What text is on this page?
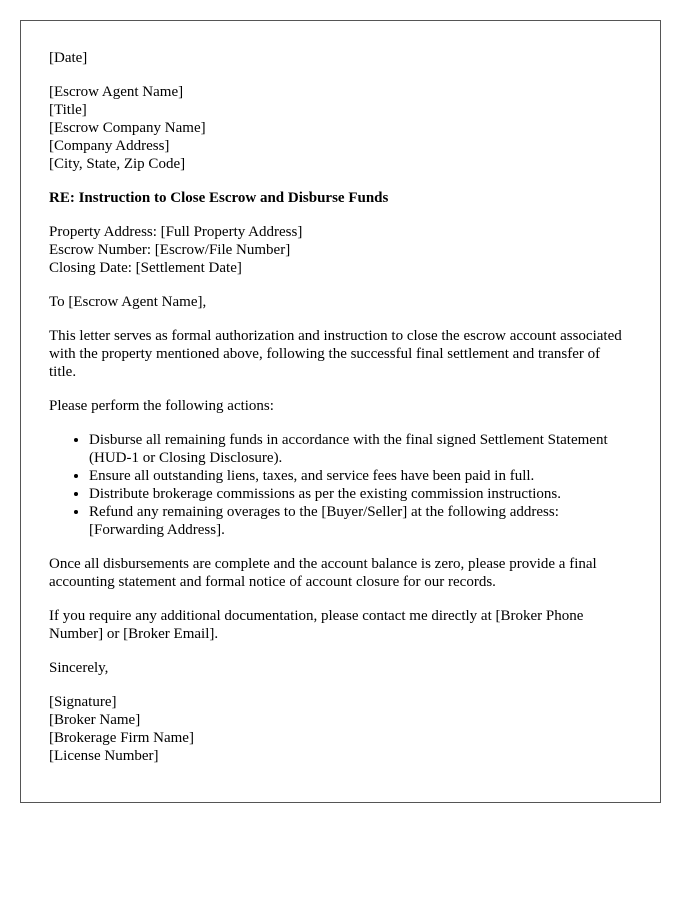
[Date]

[Escrow Agent Name]
[Title]
[Escrow Company Name]
[Company Address]
[City, State, Zip Code]

RE: Instruction to Close Escrow and Disburse Funds

Property Address: [Full Property Address]
Escrow Number: [Escrow/File Number]
Closing Date: [Settlement Date]

To [Escrow Agent Name],

This letter serves as formal authorization and instruction to close the escrow account associated with the property mentioned above, following the successful final settlement and transfer of title.

Please perform the following actions:

• Disburse all remaining funds in accordance with the final signed Settlement Statement (HUD-1 or Closing Disclosure).
• Ensure all outstanding liens, taxes, and service fees have been paid in full.
• Distribute brokerage commissions as per the existing commission instructions.
• Refund any remaining overages to the [Buyer/Seller] at the following address: [Forwarding Address].

Once all disbursements are complete and the account balance is zero, please provide a final accounting statement and formal notice of account closure for our records.

If you require any additional documentation, please contact me directly at [Broker Phone Number] or [Broker Email].

Sincerely,

[Signature]
[Broker Name]
[Brokerage Firm Name]
[License Number]
